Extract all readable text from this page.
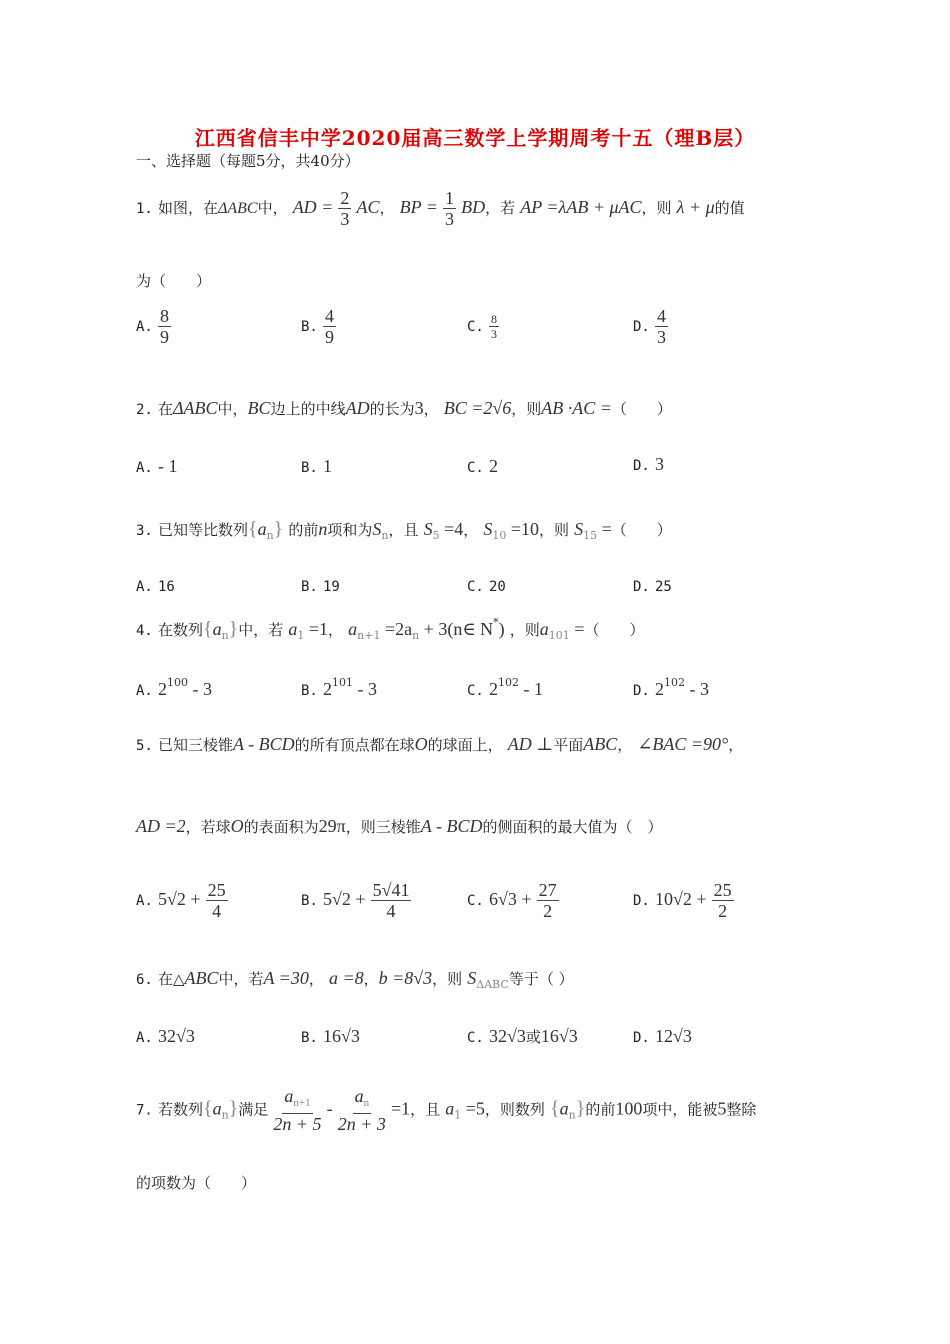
江西省信丰中学2020届高三数学上学期周考十五（理B层）
一、选择题（每题5分，共40分）
1. 如图，在ΔABC中， AD = $\frac{2}{3}$ AC， BP = $\frac{1}{3}$ BD，若 AP =λAB + μAC，则 λ + μ的值
为（　　）
A. $\frac{8}{9}$	B. $\frac{4}{9}$	C. $\frac{8}{3}$	D. $\frac{4}{3}$
2. 在ΔABC中，BC边上的中线AD的长为3， BC =2√6，则AB ·AC =（　　）
A. - 1	B. 1	C. 2	D. 3
3. 已知等比数列$\{a_n\}$ 的前n项和为$S_n$，且 $S_5 =4$， $S_{10} =10$，则 $S_{15}$ =（　　）
A. 16	B. 19	C. 20	D. 25
4. 在数列$\{a_n\}$中，若 $a_1 =1$， $a_{n+1} =2a_n$ + 3(n∈ N*) ，则$a_{101}$ =（　　）
A. $2^{100} - 3$	B. $2^{101} - 3$	C. $2^{102} - 1$	D. $2^{102} - 3$
5. 已知三棱锥A - BCD的所有顶点都在球O的球面上， AD ⊥平面ABC， ∠BAC =90°，
AD =2，若球O的表面积为29π，则三棱锥A - BCD的侧面积的最大值为（　）
A. $5√2 + \frac{25}{4}$	B. $5√2 + \frac{5√41}{4}$	C. $6√3 + \frac{27}{2}$	D. $10√2 + \frac{25}{2}$
6. 在△ABC中，若A =30， a =8，b =8√3，则 $S_{\Delta ABC}$等于（ ）
A. 32√3	B. 16√3	C. 32√3或16√3	D. 12√3
7. 若数列$\{a_n\}$满足 $\frac{a_{n+1}}{2n + 5} - \frac{a_n}{2n + 3} =1$，且 $a_1 =5$，则数列 $\{a_n\}$的前100项中，能被5整除
的项数为（　　）
